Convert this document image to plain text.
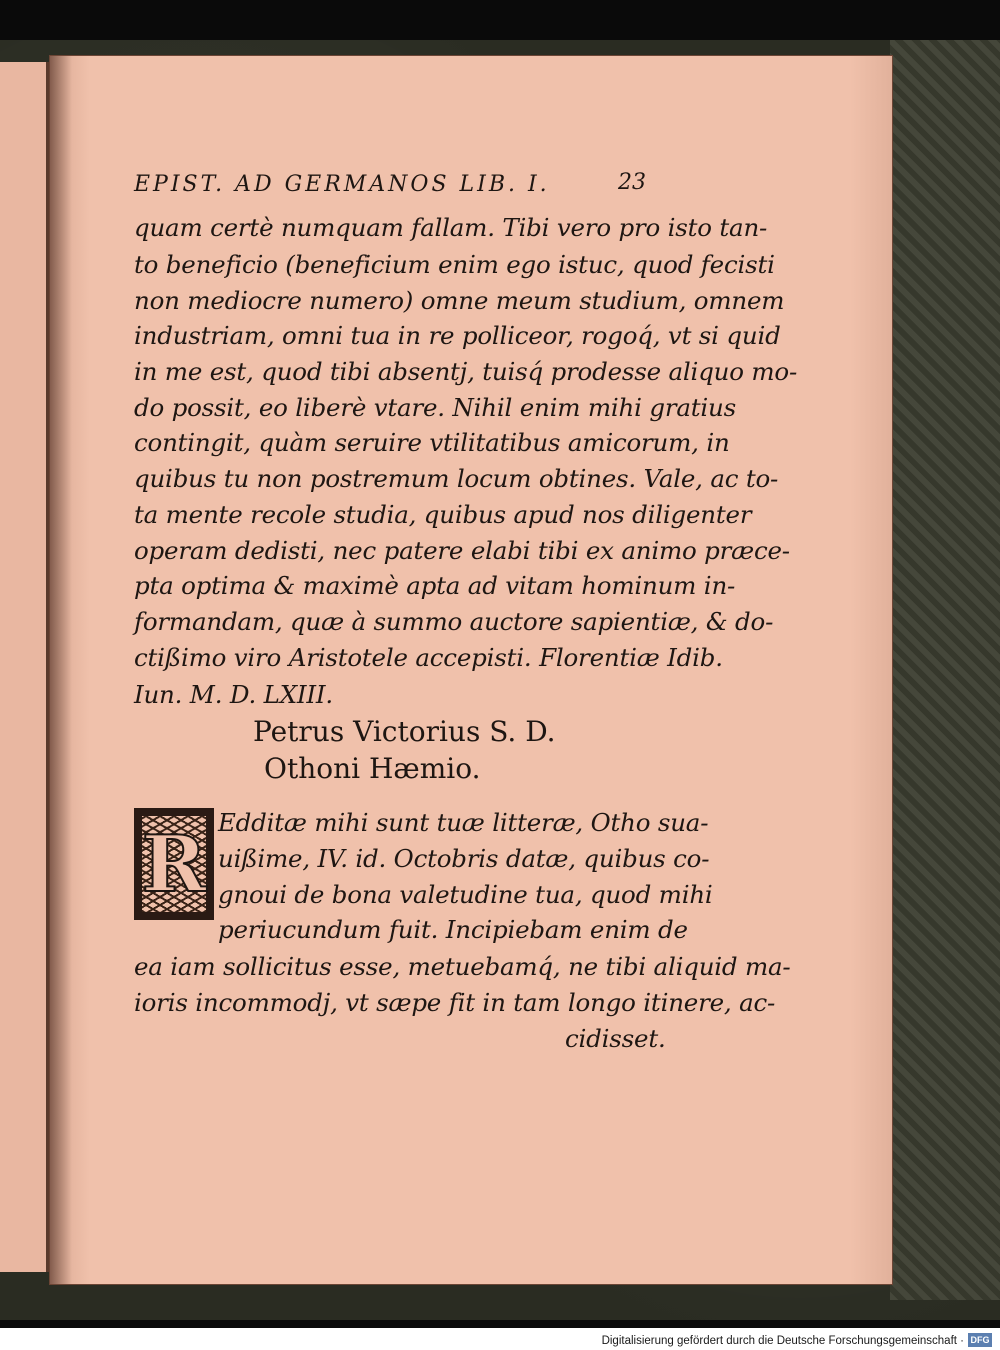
EPIST. AD GERMANOS LIB. I.	23
quam certè numquam fallam. Tibi vero pro isto tan-
to beneficio (beneficium enim ego istuc, quod fecisti
non mediocre numero) omne meum studium, omnem
industriam, omni tua in re polliceor, rogoq́, vt si quid
in me est, quod tibi absentj, tuisq́ prodesse aliquo mo-
do possit, eo liberè vtare. Nihil enim mihi gratius
contingit, quàm seruire vtilitatibus amicorum, in
quibus tu non postremum locum obtines. Vale, ac to-
ta mente recole studia, quibus apud nos diligenter
operam dedisti, nec patere elabi tibi ex animo præce-
pta optima & maximè apta ad vitam hominum in-
formandam, quæ à summo auctore sapientiæ, & do-
ctißimo viro Aristotele accepisti. Florentiæ Idib.
Iun. M. D. LXIII.
Petrus Victorius S. D.
Othoni Hæmio.
R Edditæ mihi sunt tuæ litteræ, Otho sua-
uißime, IV. id. Octobris datæ, quibus co-
gnoui de bona valetudine tua, quod mihi
periucundum fuit. Incipiebam enim de
ea iam sollicitus esse, metuebamq́, ne tibi aliquid ma-
ioris incommodj, vt sæpe fit in tam longo itinere, ac-
cidisset.
Digitalisierung gefördert durch die Deutsche Forschungsgemeinschaft · DFG
